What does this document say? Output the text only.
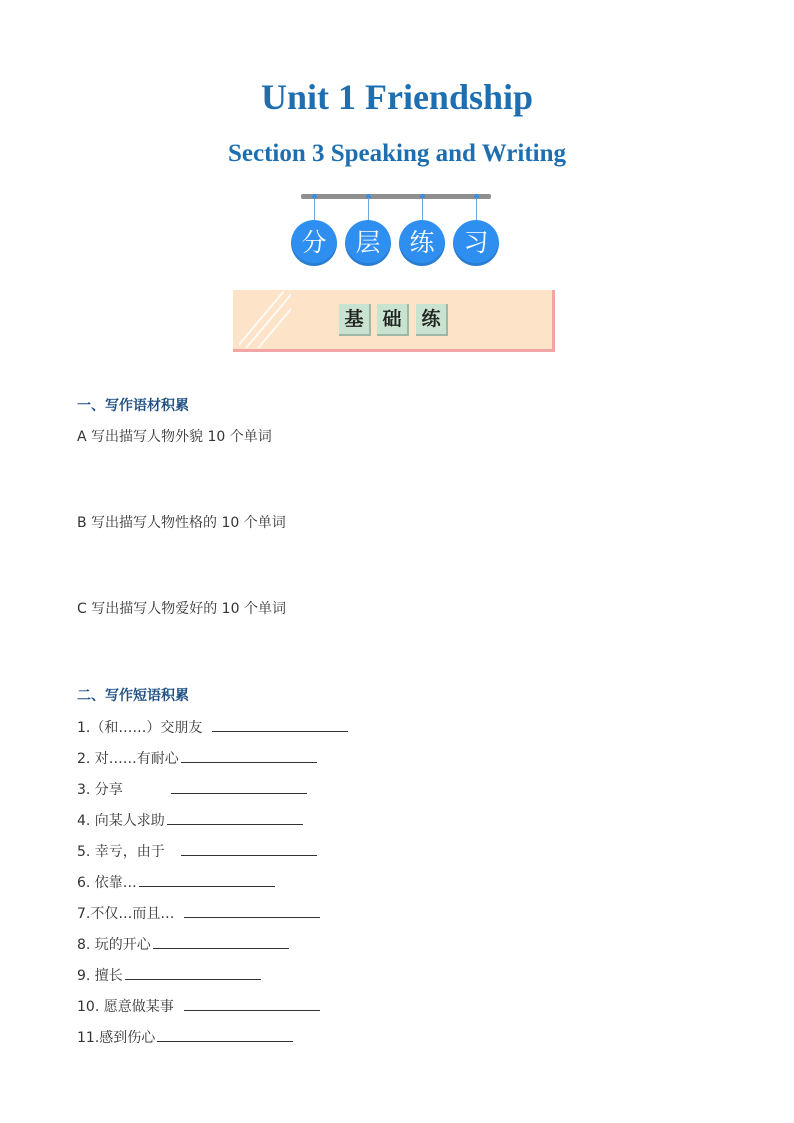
Unit 1 Friendship
Section 3 Speaking and Writing
分	层	练	习
基 础	练
一、写作语材积累
A 写出描写人物外貌 10 个单词
B 写出描写人物性格的 10 个单词
C 写出描写人物爱好的 10 个单词
二、写作短语积累
1.（和……）交朋友
2. 对……有耐心
3. 分享
4. 向某人求助
5. 幸亏，由于
6. 依靠…
7.不仅…而且…
8. 玩的开心
9. 擅长
10. 愿意做某事
11.感到伤心
